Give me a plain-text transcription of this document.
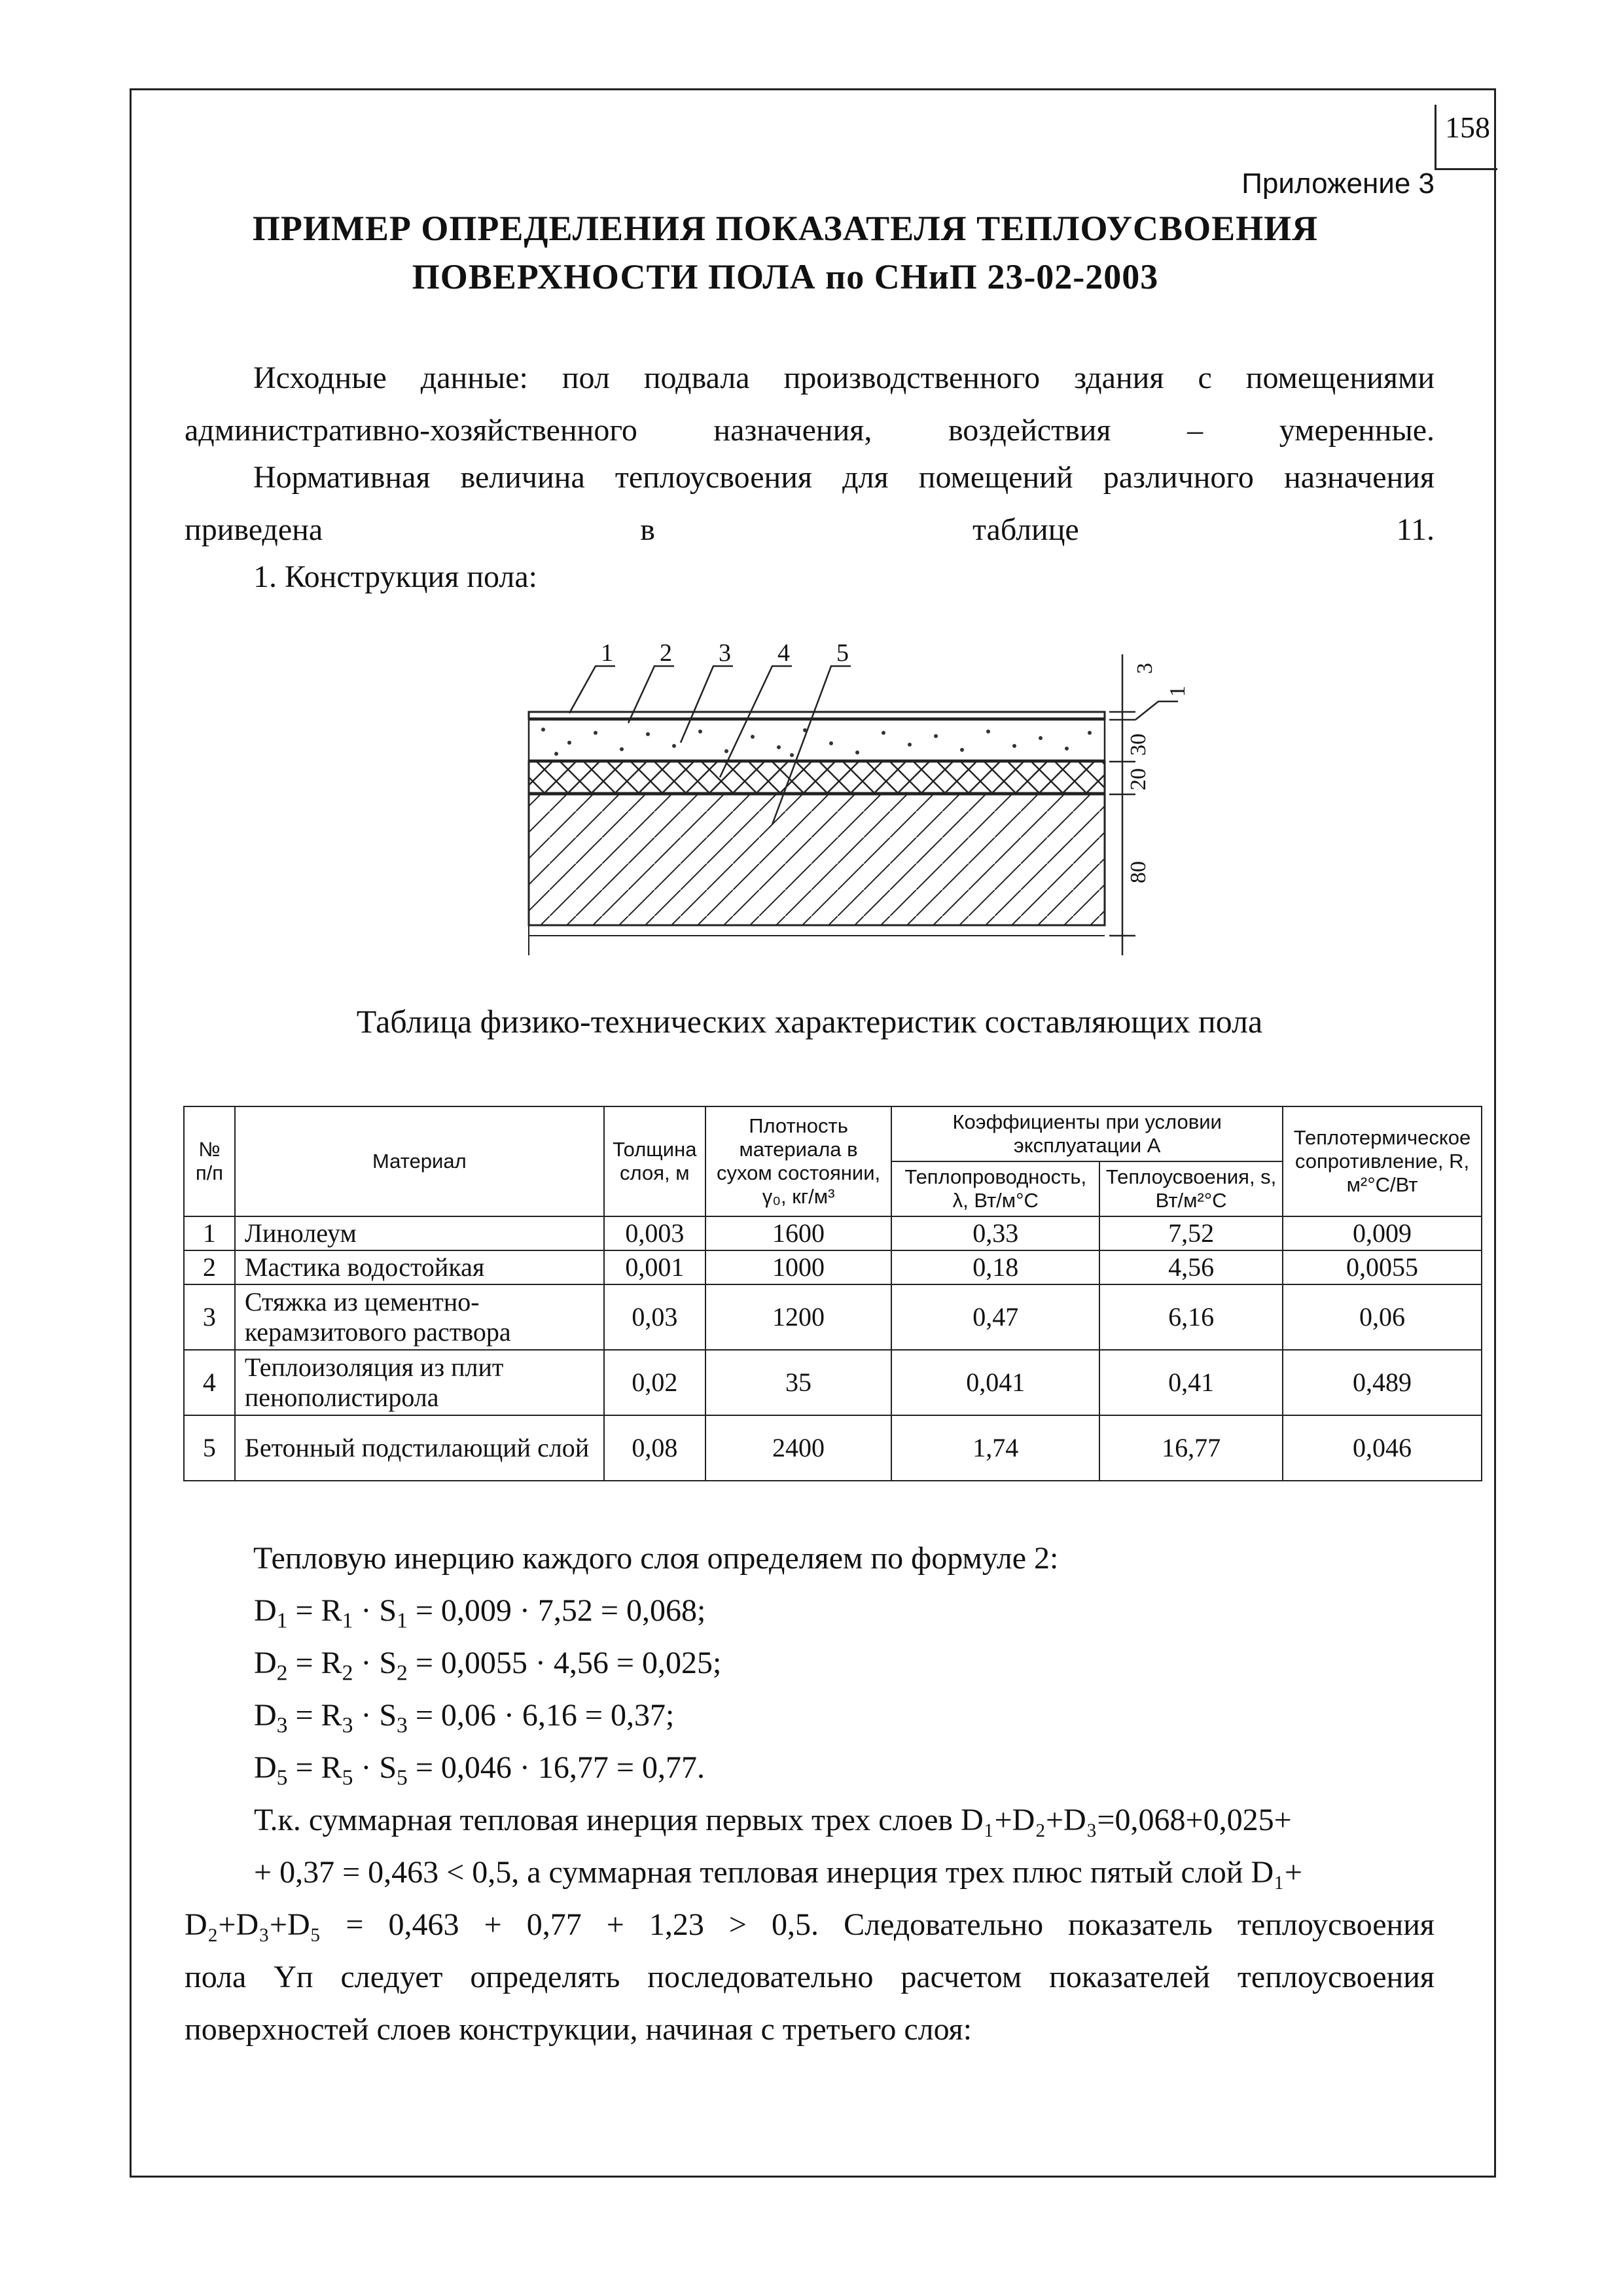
158
Приложение 3
ПРИМЕР ОПРЕДЕЛЕНИЯ ПОКАЗАТЕЛЯ ТЕПЛОУСВОЕНИЯ
ПОВЕРХНОСТИ ПОЛА по СНиП 23-02-2003
Исходные данные: пол подвала производственного здания с помещениями административно-хозяйственного назначения, воздействия – умеренные.
Нормативная величина теплоусвоения для помещений различного назначения приведена в таблице 11.
1. Конструкция пола:
1 2 3 4 5
3
1
30
20
80
Таблица физико-технических характеристик составляющих пола
№ п/п	Материал	Толщина слоя, м	Плотность материала в сухом состоянии, γ₀, кг/м³	Коэффициенты при условии эксплуатации А		Теплотермическое сопротивление, R, м²°С/Вт
				Теплопроводность, λ, Вт/м°С	Теплоусвоения, s, Вт/м²°С	
1	Линолеум	0,003	1600	0,33	7,52	0,009
2	Мастика водостойкая	0,001	1000	0,18	4,56	0,0055
3	Стяжка из цементно-керамзитового раствора	0,03	1200	0,47	6,16	0,06
4	Теплоизоляция из плит пенополистирола	0,02	35	0,041	0,41	0,489
5	Бетонный подстилающий слой	0,08	2400	1,74	16,77	0,046
Тепловую инерцию каждого слоя определяем по формуле 2:
$D_1 = R_1 \cdot S_1 = 0,009 \cdot 7,52 = 0,068$;
$D_2 = R_2 \cdot S_2 = 0,0055 \cdot 4,56 = 0,025$;
$D_3 = R_3 \cdot S_3 = 0,06 \cdot 6,16 = 0,37$;
$D_5 = R_5 \cdot S_5 = 0,046 \cdot 16,77 = 0,77$.
Т.к. суммарная тепловая инерция первых трех слоев D₁+D₂+D₃=0,068+0,025+
+ 0,37 = 0,463 < 0,5, а суммарная тепловая инерция трех плюс пятый слой D₁+
D₂+D₃+D₅ = 0,463 + 0,77 + 1,23 > 0,5. Следовательно показатель теплоусвоения
пола Yп следует определять последовательно расчетом показателей теплоусвоения
поверхностей слоев конструкции, начиная с третьего слоя:
